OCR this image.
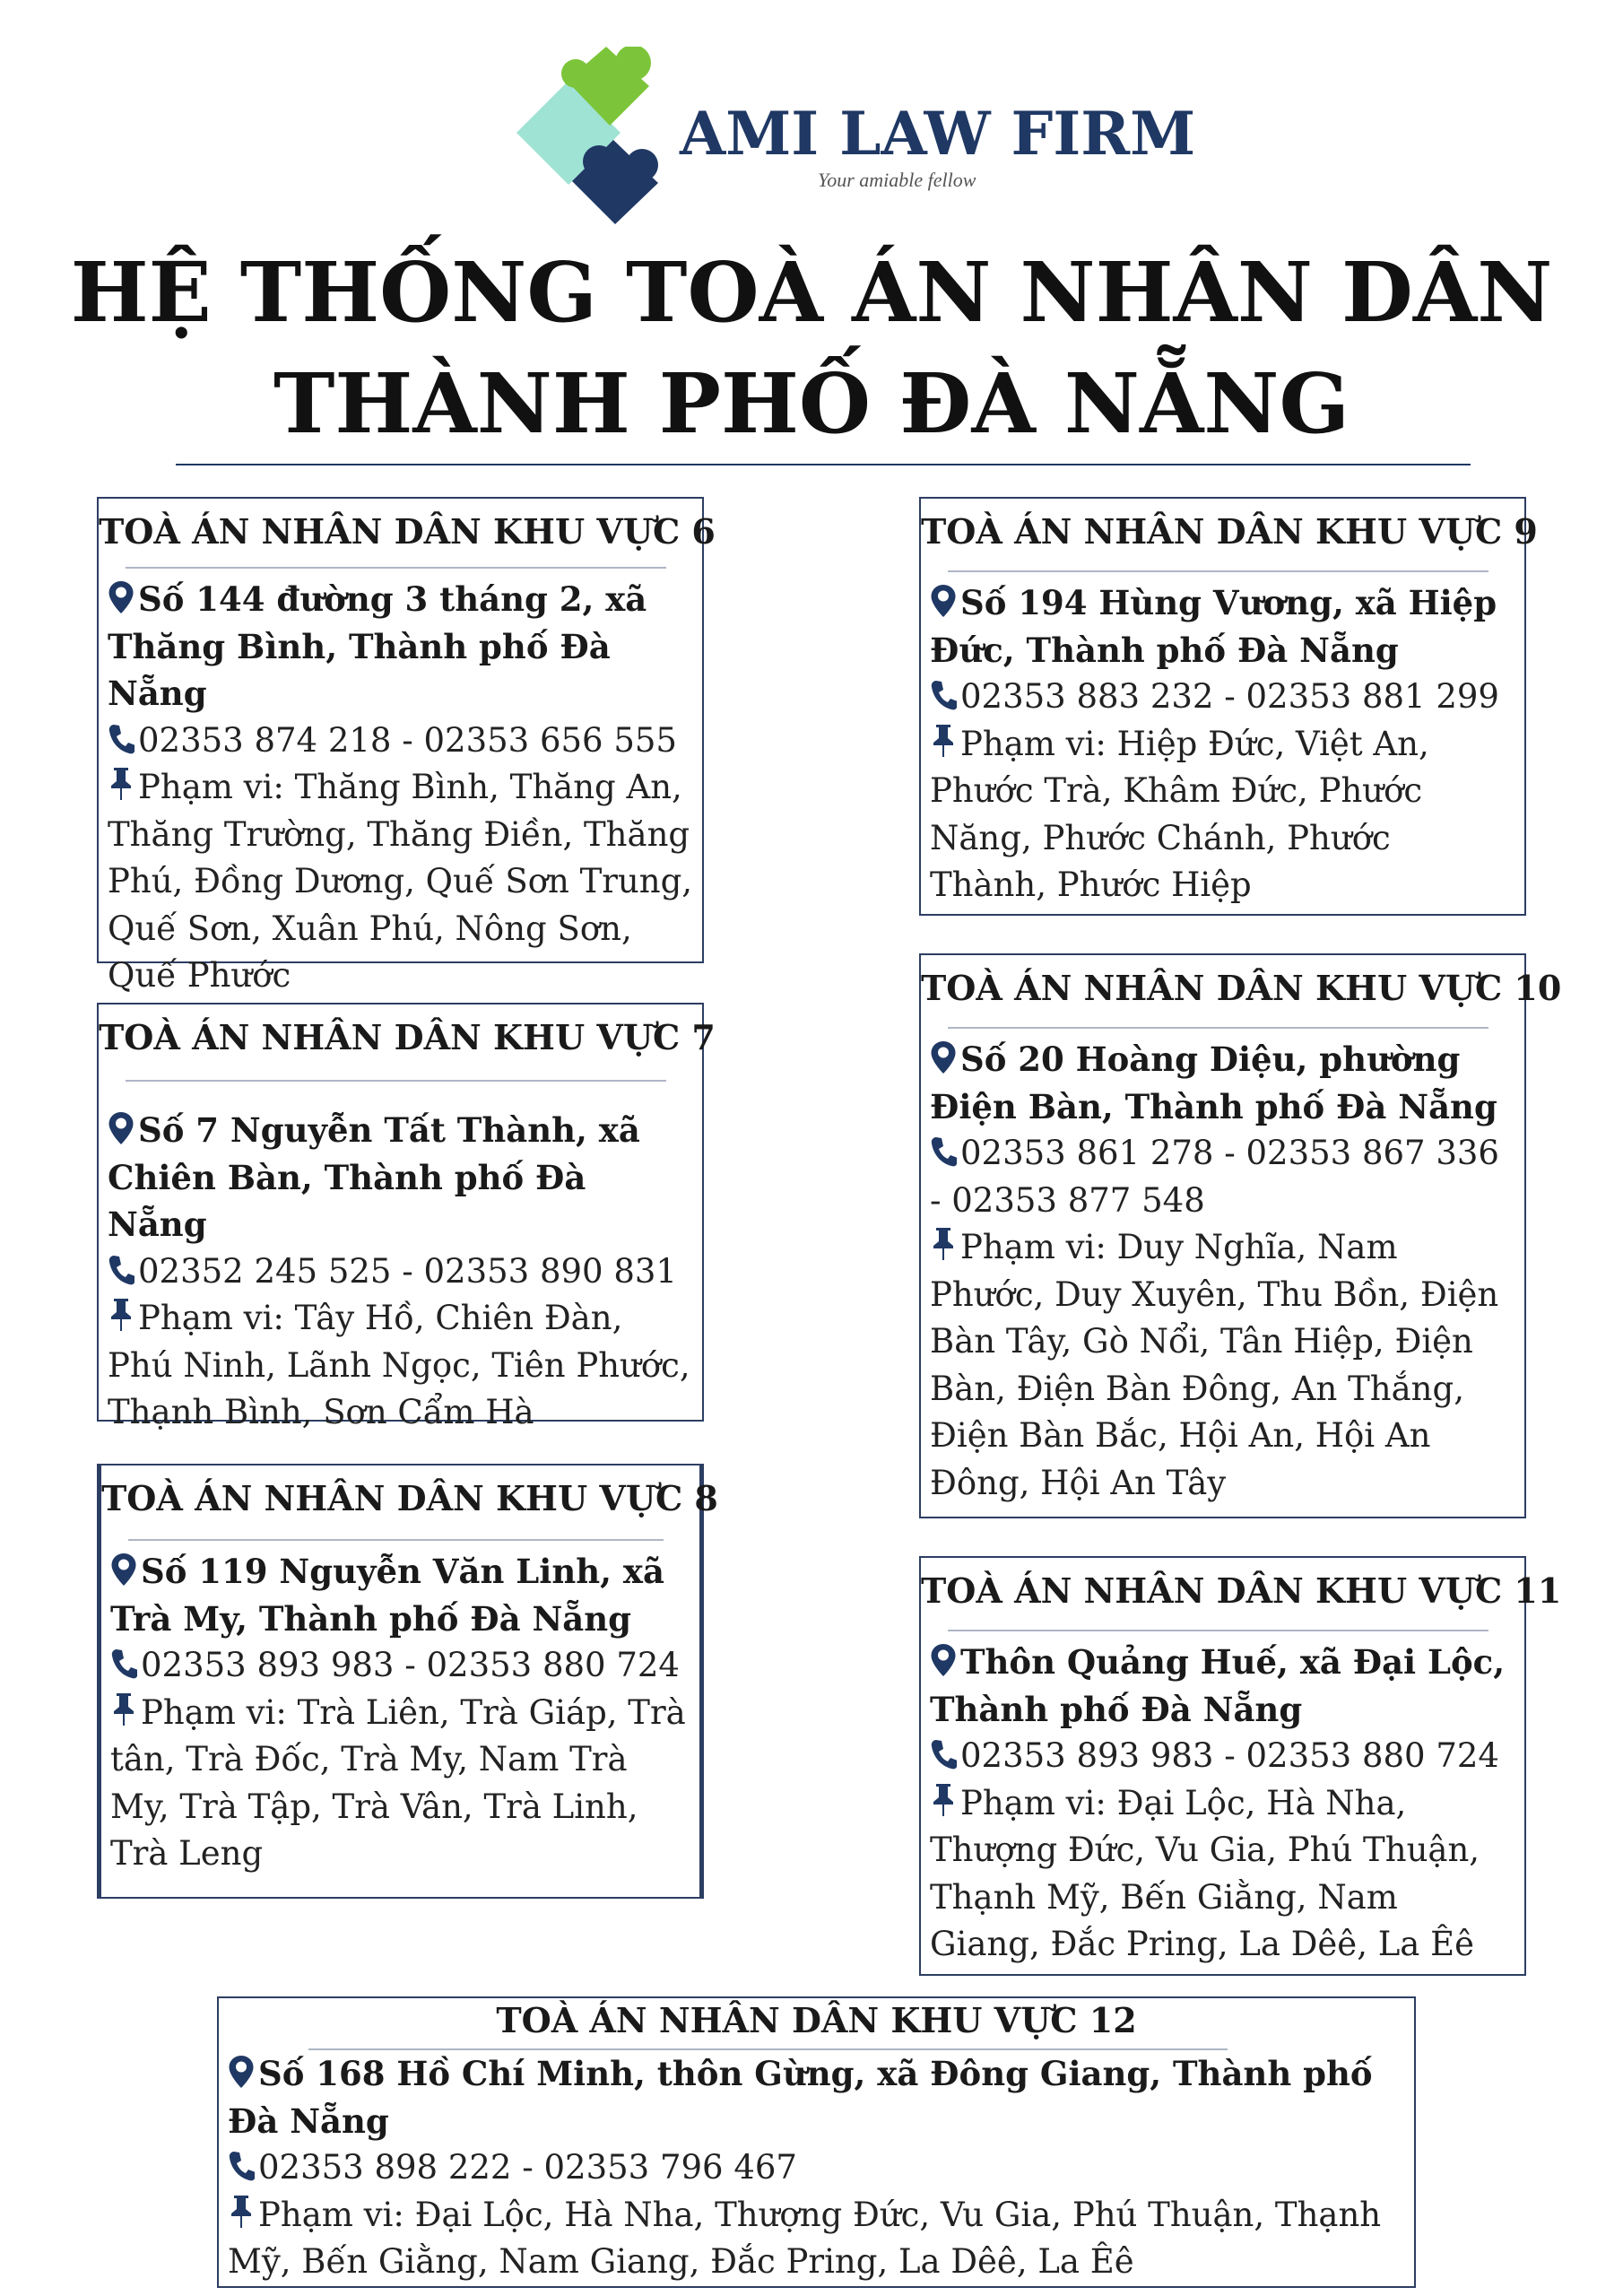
AMI LAW FIRM
Your amiable fellow
HỆ THỐNG TOÀ ÁN NHÂN DÂN
THÀNH PHỐ ĐÀ NẴNG
TOÀ ÁN NHÂN DÂN KHU VỰC 6

Số 144 đường 3 tháng 2, xã Thăng Bình, Thành phố Đà Nẵng

02353 874 218 - 02353 656 555

Phạm vi: Thăng Bình, Thăng An, Thăng Trường, Thăng Điền, Thăng Phú, Đồng Dương, Quế Sơn Trung, Quế Sơn, Xuân Phú, Nông Sơn, Quế Phước

TOÀ ÁN NHÂN DÂN KHU VỰC 7

Số 7 Nguyễn Tất Thành, xã Chiên Bàn, Thành phố Đà Nẵng

02352 245 525 - 02353 890 831

Phạm vi: Tây Hồ, Chiên Đàn, Phú Ninh, Lãnh Ngọc, Tiên Phước, Thạnh Bình, Sơn Cẩm Hà

TOÀ ÁN NHÂN DÂN KHU VỰC 8

Số 119 Nguyễn Văn Linh, xã Trà My, Thành phố Đà Nẵng

02353 893 983 - 02353 880 724

Phạm vi: Trà Liên, Trà Giáp, Trà tân, Trà Đốc, Trà My, Nam Trà My, Trà Tập, Trà Vân, Trà Linh, Trà Leng

TOÀ ÁN NHÂN DÂN KHU VỰC 9

Số 194 Hùng Vương, xã Hiệp Đức, Thành phố Đà Nẵng

02353 883 232 - 02353 881 299

Phạm vi: Hiệp Đức, Việt An, Phước Trà, Khâm Đức, Phước Năng, Phước Chánh, Phước Thành, Phước Hiệp

TOÀ ÁN NHÂN DÂN KHU VỰC 10

Số 20 Hoàng Diệu, phường Điện Bàn, Thành phố Đà Nẵng

02353 861 278 - 02353 867 336 - 02353 877 548

Phạm vi: Duy Nghĩa, Nam Phước, Duy Xuyên, Thu Bồn, Điện Bàn Tây, Gò Nổi, Tân Hiệp, Điện Bàn, Điện Bàn Đông, An Thắng, Điện Bàn Bắc, Hội An, Hội An Đông, Hội An Tây

TOÀ ÁN NHÂN DÂN KHU VỰC 11

Thôn Quảng Huế, xã Đại Lộc, Thành phố Đà Nẵng

02353 893 983 - 02353 880 724

Phạm vi: Đại Lộc, Hà Nha, Thượng Đức, Vu Gia, Phú Thuận, Thạnh Mỹ, Bến Giằng, Nam Giang, Đắc Pring, La Dêê, La Êê

TOÀ ÁN NHÂN DÂN KHU VỰC 12

Số 168 Hồ Chí Minh, thôn Gừng, xã Đông Giang, Thành phố Đà Nẵng

02353 898 222 - 02353 796 467

Phạm vi: Đại Lộc, Hà Nha, Thượng Đức, Vu Gia, Phú Thuận, Thạnh Mỹ, Bến Giằng, Nam Giang, Đắc Pring, La Dêê, La Êê
